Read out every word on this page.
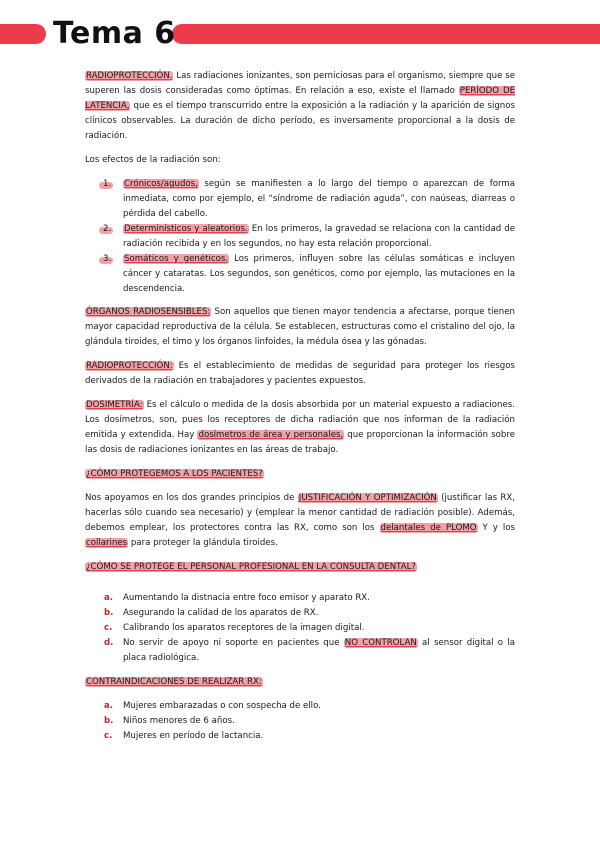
Tema 6

RADIOPROTECCIÓN. Las radiaciones ionizantes, son perniciosas para el organismo, siempre que se superen las dosis consideradas como óptimas. En relación a eso, existe el llamado PERÍODO DE LATENCIA, que es el tiempo transcurrido entre la exposición a la radiación y la aparición de signos clínicos observables. La duración de dicho período, es inversamente proporcional a la dosis de radiación.

Los efectos de la radiación son:

1. Crónicos/agudos, según se manifiesten a lo largo del tiempo o aparezcan de forma inmediata, como por ejemplo, el “síndrome de radiación aguda”, con naúseas, diarreas o pérdida del cabello.
2. Determinísticos y aleatorios. En los primeros, la gravedad se relaciona con la cantidad de radiación recibida y en los segundos, no hay esta relación proporcional.
3. Somáticos y genéticos. Los primeros, influyen sobre las células somáticas e incluyen cáncer y cataratas. Los segundos, son genéticos, como por ejemplo, las mutaciones en la descendencia.

ÓRGANOS RADIOSENSIBLES: Son aquellos que tienen mayor tendencia a afectarse, porque tienen mayor capacidad reproductiva de la célula. Se establecen, estructuras como el cristalino del ojo, la glándula tiroides, el timo y los órganos linfoides, la médula ósea y las gónadas.

RADIOPROTECCIÓN: Es el establecimiento de medidas de seguridad para proteger los riesgos derivados de la radiación en trabajadores y pacientes expuestos.

DOSIMETRÍA: Es el cálculo o medida de la dosis absorbida por un material expuesto a radiaciones. Los dosímetros, son, pues los receptores de dicha radiación que nos informan de la radiación emitida y extendida. Hay dosímetros de área y personales, que proporcionan la información sobre las dosis de radiaciones ionizantes en las áreas de trabajo.

¿CÓMO PROTEGEMOS A LOS PACIENTES?

Nos apoyamos en los dos grandes principios de JUSTIFICACIÓN Y OPTIMIZACIÓN (justificar las RX, hacerlas sólo cuando sea necesario) y (emplear la menor cantidad de radiación posible). Además, debemos emplear, los protectores contra las RX, como son los delantales de PLOMO Y y los collarines para proteger la glándula tiroides.

¿CÓMO SE PROTEGE EL PERSONAL PROFESIONAL EN LA CONSULTA DENTAL?

a. Aumentando la distnacia entre foco emisor y aparato RX.
b. Asegurando la calidad de los aparatos de RX.
c. Calibrando los aparatos receptores de la imagen digital.
d. No servir de apoyo ni soporte en pacientes que NO CONTROLAN al sensor digital o la placa radiológica.

CONTRAINDICACIONES DE REALIZAR RX:

a. Mujeres embarazadas o con sospecha de ello.
b. Niños menores de 6 años.
c. Mujeres en período de lactancia.
